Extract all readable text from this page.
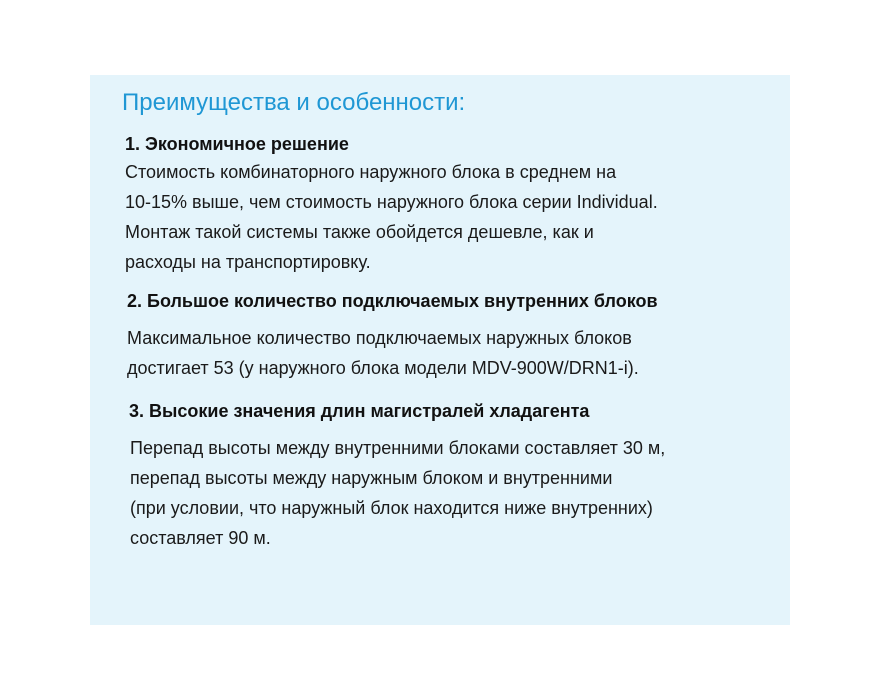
Преимущества и особенности:
1. Экономичное решение
Стоимость комбинаторного наружного блока в среднем на
10-15% выше, чем стоимость наружного блока серии Individual.
Монтаж такой системы также обойдется дешевле, как и
расходы на транспортировку.
2. Большое количество подключаемых внутренних блоков
Максимальное количество подключаемых наружных блоков
достигает 53 (у наружного блока модели MDV-900W/DRN1-i).
3. Высокие значения длин магистралей хладагента
Перепад высоты между внутренними блоками составляет 30 м,
перепад высоты между наружным блоком и внутренними
(при условии, что наружный блок находится ниже внутренних)
составляет 90 м.
